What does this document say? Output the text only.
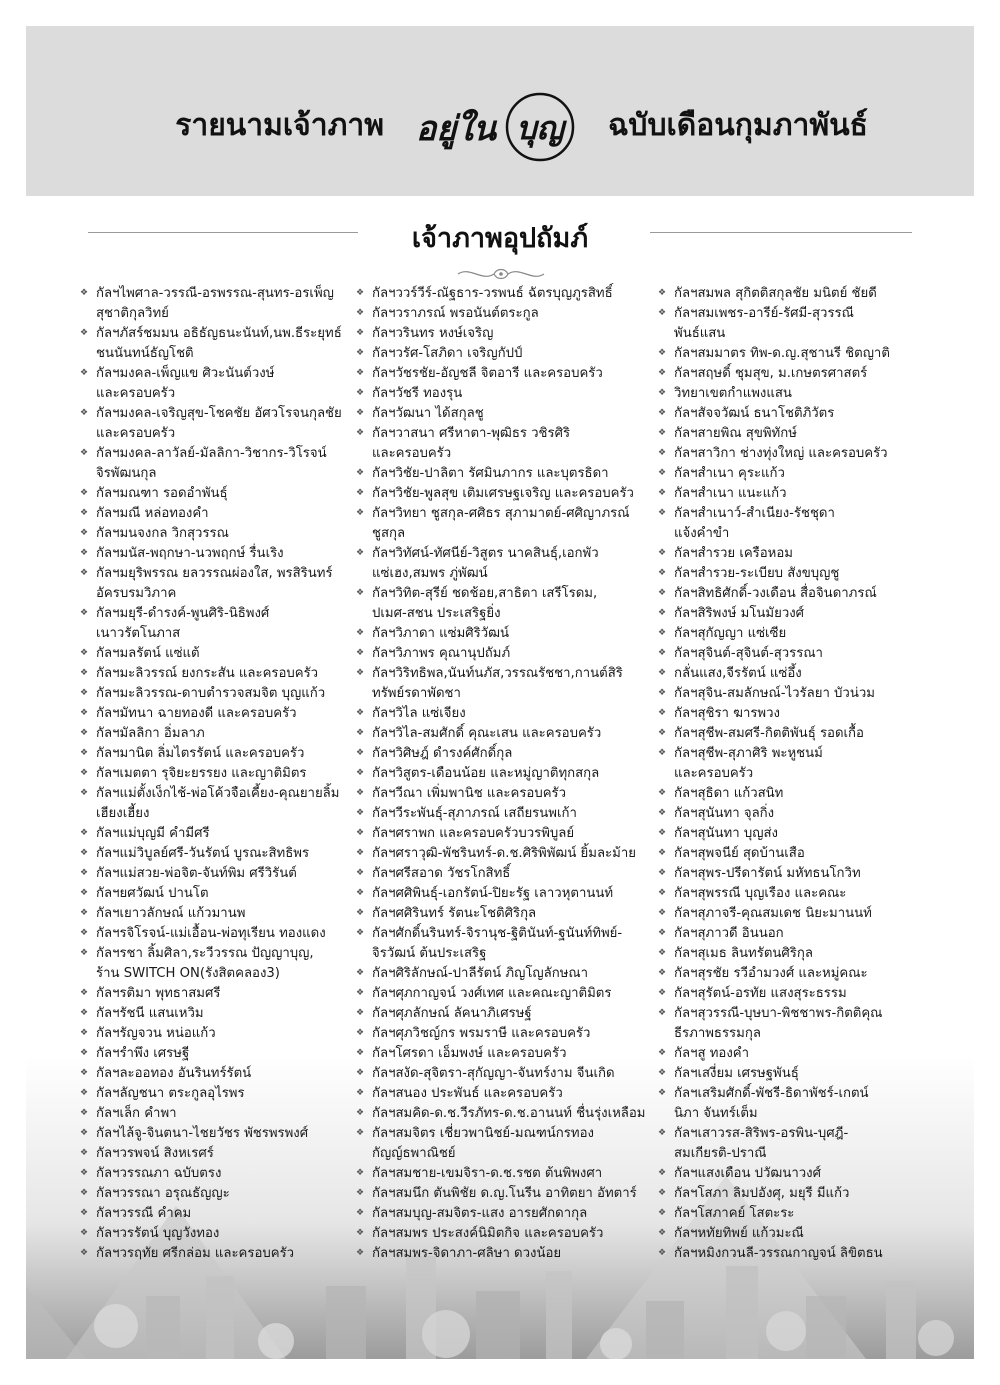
รายนามเจ้าภาพ อยู่ใน บุญ ฉบับเดือนกุมภาพันธ์
เจ้าภาพอุปถัมภ์
❖ กัลฯไพศาล-วรรณี-อรพรรณ-สุนทร-อรเพ็ญ
สุชาติกุลวิทย์
❖ กัลฯภัสร์ชมมน อธิธัญธนะนันท์,นพ.ธีระยุทธ์
ชนนันทน์ธัญโชติ
❖ กัลฯมงคล-เพ็ญแข ศิวะนันต์วงษ์
และครอบครัว
❖ กัลฯมงคล-เจริญสุข-โชคชัย อัศวโรจนกุลชัย
และครอบครัว
❖ กัลฯมงคล-ลาวัลย์-มัลลิกา-วิชากร-วิโรจน์
จิรพัฒนกุล
❖ กัลฯมณฑา รอดอำพันธุ์
❖ กัลฯมณี หล่อทองคำ
❖ กัลฯมนจงกล วิกสุวรรณ
❖ กัลฯมนัส-พฤกษา-นวพฤกษ์ รื่นเริง
❖ กัลฯมยุริพรรณ ยลวรรณผ่องใส, พรสิรินทร์
อัครบรมวิภาค
❖ กัลฯมยุรี-ดำรงค์-พูนศิริ-นิธิพงศ์
เนาวรัตโนภาส
❖ กัลฯมลรัตน์ แซ่แต้
❖ กัลฯมะลิวรรณ์ ยงกระสัน และครอบครัว
❖ กัลฯมะลิวรรณ-ดาบตำรวจสมจิต บุญแก้ว
❖ กัลฯมัทนา ฉายทองดี และครอบครัว
❖ กัลฯมัลลิกา อิ่มลาภ
❖ กัลฯมานิต ลิ่มไตรรัตน์ และครอบครัว
❖ กัลฯเมตตา รุจิยะยรรยง และญาติมิตร
❖ กัลฯแม่ตั้งเง็กไช้-พ่อโค้วจือเคี้ยง-คุณยายลิ้ม
เฮียงเฮี้ยง
❖ กัลฯแม่บุญมี คำมีศรี
❖ กัลฯแม่วิบูลย์ศรี-วันรัตน์ บูรณะสิทธิพร
❖ กัลฯแม่สวย-พ่อจิต-จันท์พิม ศรีวิรันต์
❖ กัลฯยศวัฒน์ ปานโต
❖ กัลฯเยาวลักษณ์ แก้วมานพ
❖ กัลฯรจิโรจน์-แม่เอื้อน-พ่อทุเรียน ทองแดง
❖ กัลฯรชา ลิ้มศิลา,ระวีวรรณ ปัญญาบุญ,
ร้าน SWITCH ON(รังสิตคลอง3)
❖ กัลฯรติมา พุทธาสมศรี
❖ กัลฯรัชนี แสนเหวิม
❖ กัลฯรัญจวน หน่อแก้ว
❖ กัลฯรำพึง เศรษฐี
❖ กัลฯละออทอง อันรินทร์รัตน์
❖ กัลฯลัญชนา ตระกูลอุไรพร
❖ กัลฯเล็ก คำพา
❖ กัลฯไล้จู-จินตนา-ไชยวัชร พัชรพรพงศ์
❖ กัลฯวรพจน์ สิงหเรศร์
❖ กัลฯวรรณภา ฉบับตรง
❖ กัลฯวรรณา อรุณธัญญะ
❖ กัลฯวรรณี คำคม
❖ กัลฯวรรัตน์ บุญวังทอง
❖ กัลฯวรฤทัย ศรีกล่อม และครอบครัว
❖ กัลฯววร์วีร์-ณัฐธาร-วรพนธ์ ฉัตรบุญภูรสิทธิ์
❖ กัลฯวราภรณ์ พรอนันต์ตระกูล
❖ กัลฯวรินทร หงษ์เจริญ
❖ กัลฯวรัศ-โสภิดา เจริญกัปป์
❖ กัลฯวัชรชัย-อัญชลี จิตอารี และครอบครัว
❖ กัลฯวัชรี ทองรุน
❖ กัลฯวัฒนา ได้สกุลชู
❖ กัลฯวาสนา ศรีหาตา-พุฒิธร วชิรศิริ
และครอบครัว
❖ กัลฯวิชัย-ปาลิตา รัศมินภากร และบุตรธิดา
❖ กัลฯวิชัย-พูลสุข เติมเศรษฐเจริญ และครอบครัว
❖ กัลฯวิทยา ชูสกุล-ศศิธร สุภามาตย์-ศศิญาภรณ์
ชูสกุล
❖ กัลฯวิทัศน์-ทัศนีย์-วิสูตร นาคสินธุ์,เอกพัว
แซ่เฮง,สมพร ภู่พัฒน์
❖ กัลฯวิทิต-สุรีย์ ชดช้อย,สาธิตา เสรีโรดม,
ปเมศ-สชน ประเสริฐยิ่ง
❖ กัลฯวิภาดา แซ่มศิริวัฒน์
❖ กัลฯวิภาพร คุณานุปถัมภ์
❖ กัลฯวิริทธิพล,นันท์นภัส,วรรณรัชชา,กานต์สิริ
ทรัพย์รดาพัดชา
❖ กัลฯวิไล แซ่เจียง
❖ กัลฯวิไล-สมศักดิ์ คุณะเสน และครอบครัว
❖ กัลฯวิศิษฎ์ ดำรงค์ศักดิ์กุล
❖ กัลฯวิสูตร-เดือนน้อย และหมู่ญาติทุกสกุล
❖ กัลฯวีณา เพิ่มพานิช และครอบครัว
❖ กัลฯวีระพันธุ์-สุภาภรณ์ เสถียรนพเก้า
❖ กัลฯศราพก และครอบครัวบวรพิบูลย์
❖ กัลฯศราวุฒิ-พัชรินทร์-ด.ช.ศิริพิพัฒน์ ยิ้มละม้าย
❖ กัลฯศรีสอาด วัชรโกสิทธิ์
❖ กัลฯศศิพินธุ์-เอกรัตน์-ปิยะรัฐ เลาวหุตานนท์
❖ กัลฯศศิรินทร์ รัตนะโชติศิริกุล
❖ กัลฯศักดิ์นรินทร์-จิรานุช-ฐิตินันท์-ฐนันท์ทิพย์-
จิรวัฒน์ ต้นประเสริฐ
❖ กัลฯศิริลักษณ์-ปาลีรัตน์ ภิญโญลักษณา
❖ กัลฯศุภกาญจน์ วงศ์เทศ และคณะญาติมิตร
❖ กัลฯศุภลักษณ์ ลัคนาภิเศรษฐ์
❖ กัลฯศุภวิชญ์กร พรมราษี และครอบครัว
❖ กัลฯโศรดา เอ็มพงษ์ และครอบครัว
❖ กัลฯสงัด-สุจิตรา-สุกัญญา-จันทร์งาม จีนเกิด
❖ กัลฯสนอง ประพันธ์ และครอบครัว
❖ กัลฯสมคิด-ด.ช.วีรภัทร-ด.ช.อานนท์ ชื่นรุ่งเหลือม
❖ กัลฯสมจิตร เชี่ยวพานิชย์-มณฑน์กรทอง
กัญญ์ธพาณิชย์
❖ กัลฯสมชาย-เขมจิรา-ด.ช.รชต ต้นพิพงศา
❖ กัลฯสมนึก ตันพิชัย ด.ญ.โนรีน อาทิตยา อัทตาร์
❖ กัลฯสมบุญ-สมจิตร-แสง อารยศักดากุล
❖ กัลฯสมพร ประสงค์นิมิตกิจ และครอบครัว
❖ กัลฯสมพร-จิดาภา-ศลิษา ดวงน้อย
❖ กัลฯสมพล สุกิตติสกุลชัย มนิตย์ ชัยดี
❖ กัลฯสมเพชร-อารีย์-รัศมี-สุวรรณี
พันธ์แสน
❖ กัลฯสมมาตร ทิพ-ด.ญ.สุชานรี ชิตญาติ
❖ กัลฯสฤษดิ์ ชุมสุข, ม.เกษตรศาสตร์
❖ วิทยาเขตกำแพงแสน
❖ กัลฯสัจจวัฒน์ ธนาโชติภิวัตร
❖ กัลฯสายพิณ สุขพิทักษ์
❖ กัลฯสาวิกา ช่างทุ่งใหญ่ และครอบครัว
❖ กัลฯสำเนา คุระแก้ว
❖ กัลฯสำเนา แนะแก้ว
❖ กัลฯสำเนาว์-สำเนียง-รัชชุดา
แจ้งคำขำ
❖ กัลฯสำรวย เครือหอม
❖ กัลฯสำรวย-ระเบียบ สังขบุญชู
❖ กัลฯสิทธิศักดิ์-วงเดือน สื่อจินดาภรณ์
❖ กัลฯสิริพงษ์ มโนมัยวงศ์
❖ กัลฯสุกัญญา แซ่เซีย
❖ กัลฯสุจินต์-สุจินต์-สุวรรณา
❖ กลั่นแสง,จีรรัตน์ แซ่อึ้ง
❖ กัลฯสุจิน-สมลักษณ์-ไวรัลยา บัวน่วม
❖ กัลฯสุชิรา ฆารพวง
❖ กัลฯสุชีพ-สมศรี-กิตติพันธุ์ รอดเกื้อ
❖ กัลฯสุชีพ-สุภาศิริ พะหูชนม์
และครอบครัว
❖ กัลฯสุธิดา แก้วสนิท
❖ กัลฯสุนันทา จุลกิ่ง
❖ กัลฯสุนันทา บุญส่ง
❖ กัลฯสุพจนีย์ สุดบ้านเสือ
❖ กัลฯสุพร-ปรีดารัตน์ มหัทธนโกวิท
❖ กัลฯสุพรรณี บุญเรือง และคณะ
❖ กัลฯสุภาจรี-คุณสมเดช นิยะมานนท์
❖ กัลฯสุภาวดี อินนอก
❖ กัลฯสุเมธ ลินทรัตนศิริกุล
❖ กัลฯสุรชัย รวีอำมวงศ์ และหมู่คณะ
❖ กัลฯสุรัตน์-อรทัย แสงสุระธรรม
❖ กัลฯสุวรรณี-บุษบา-พิชชาพร-กิตติคุณ
ธีรภาพธรรมกุล
❖ กัลฯสู ทองคำ
❖ กัลฯเสงี่ยม เศรษฐพันธุ์
❖ กัลฯเสริมศักดิ์-พัชรี-ธิดาพัชร์-เกตน์
นิภา จันทร์เต็ม
❖ กัลฯเสาวรส-สิริพร-อรพิน-บุศฎี-
สมเกียรติ-ปราณี
❖ กัลฯแสงเดือน ปวัฒนาวงศ์
❖ กัลฯโสภา ลิมปอังศุ, มยุรี มีแก้ว
❖ กัลฯโสภาคย์ โสตะระ
❖ กัลฯหทัยทิพย์ แก้วมะณี
❖ กัลฯหมิงกวนลี-วรรณกาญจน์ ลิขิตธน
